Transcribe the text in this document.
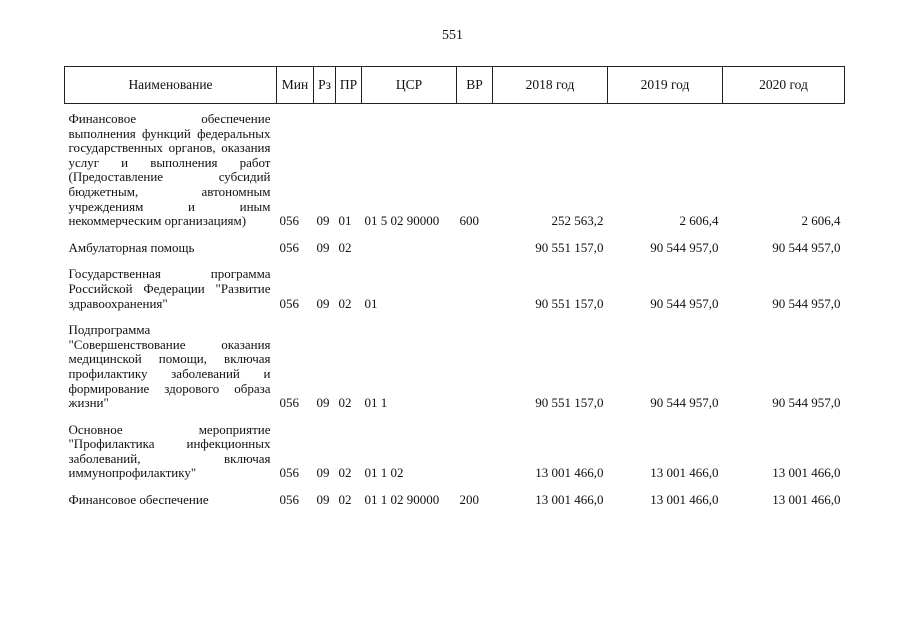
551
Наименование	Мин	Рз	ПР	ЦСР	ВР	2018 год	2019 год	2020 год
Финансовое обеспечение выполнения функций федеральных государственных органов, оказания услуг и выполнения работ (Предоставление субсидий бюджетным, автономным учреждениям и иным некоммерческим организациям)	056	09	01	01 5 02 90000	600	252 563,2	2 606,4	2 606,4

Амбулаторная помощь	056	09	02			90 551 157,0	90 544 957,0	90 544 957,0

Государственная программа Российской Федерации "Развитие здравоохранения"	056	09	02	01		90 551 157,0	90 544 957,0	90 544 957,0

Подпрограмма "Совершенствование оказания медицинской помощи, включая профилактику заболеваний и формирование здорового образа жизни"	056	09	02	01 1		90 551 157,0	90 544 957,0	90 544 957,0

Основное мероприятие "Профилактика инфекционных заболеваний, включая иммунопрофилактику"	056	09	02	01 1 02		13 001 466,0	13 001 466,0	13 001 466,0

Финансовое обеспечение	056	09	02	01 1 02 90000	200	13 001 466,0	13 001 466,0	13 001 466,0
